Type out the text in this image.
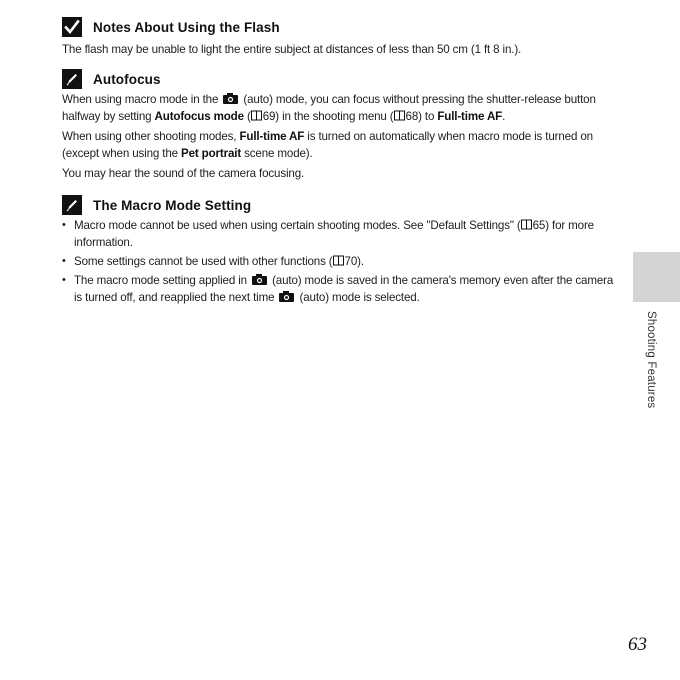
Notes About Using the Flash

The flash may be unable to light the entire subject at distances of less than 50 cm (1 ft 8 in.).

Autofocus

When using macro mode in the (auto) mode, you can focus without pressing the shutter-release button halfway by setting Autofocus mode ( 69) in the shooting menu ( 68) to Full-time AF.

When using other shooting modes, Full-time AF is turned on automatically when macro mode is turned on (except when using the Pet portrait scene mode).

You may hear the sound of the camera focusing.

The Macro Mode Setting
• Macro mode cannot be used when using certain shooting modes. See "Default Settings" ( 65) for more information.
• Some settings cannot be used with other functions ( 70).
• The macro mode setting applied in (auto) mode is saved in the camera's memory even after the camera is turned off, and reapplied the next time (auto) mode is selected.
Shooting Features
63
